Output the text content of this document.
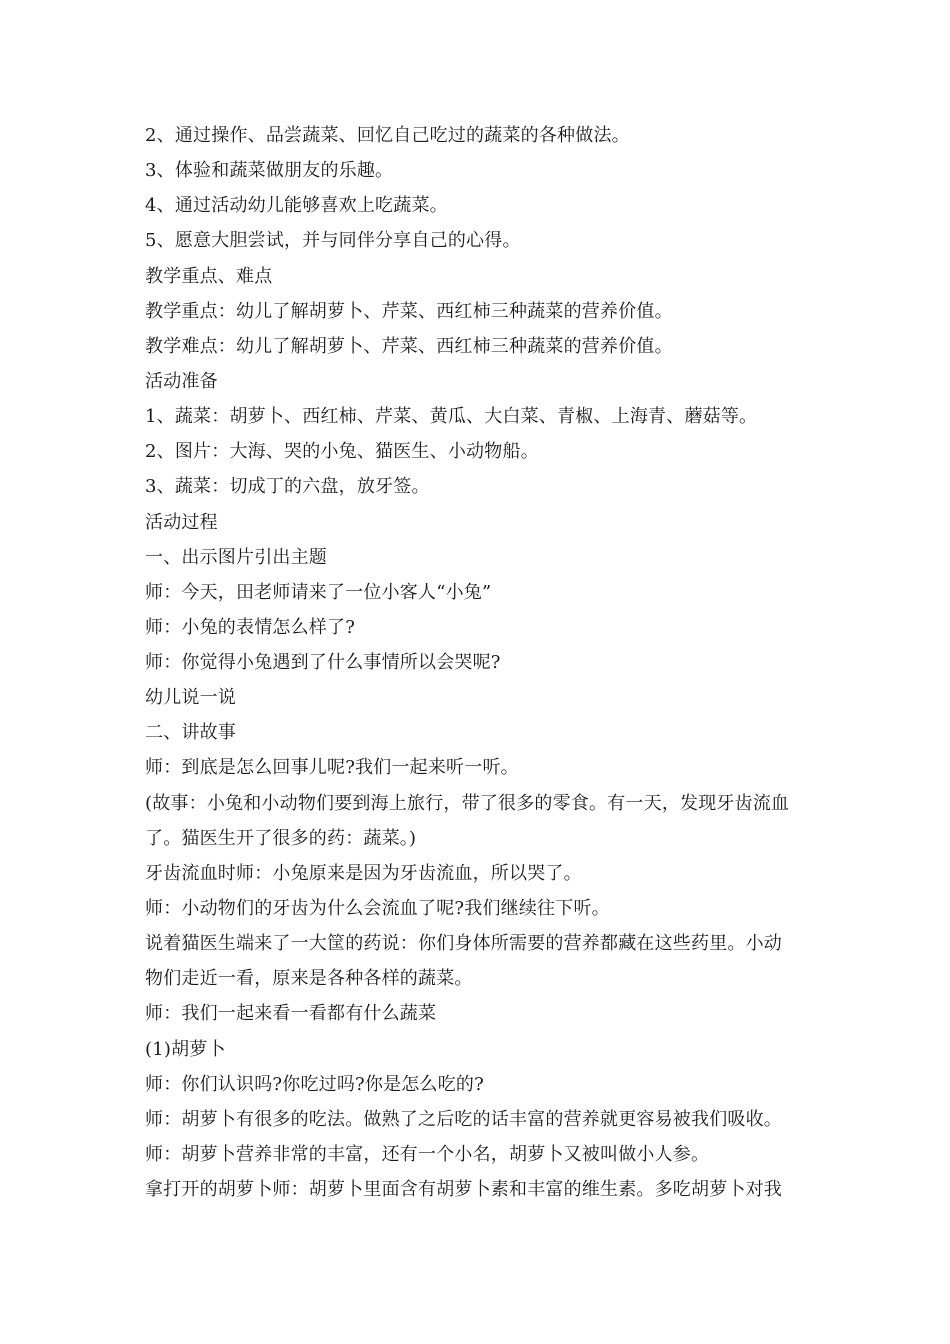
2、通过操作、品尝蔬菜、回忆自己吃过的蔬菜的各种做法。
3、体验和蔬菜做朋友的乐趣。
4、通过活动幼儿能够喜欢上吃蔬菜。
5、愿意大胆尝试，并与同伴分享自己的心得。
教学重点、难点
教学重点：幼儿了解胡萝卜、芹菜、西红柿三种蔬菜的营养价值。
教学难点：幼儿了解胡萝卜、芹菜、西红柿三种蔬菜的营养价值。
活动准备
1、蔬菜：胡萝卜、西红柿、芹菜、黄瓜、大白菜、青椒、上海青、蘑菇等。
2、图片：大海、哭的小兔、猫医生、小动物船。
3、蔬菜：切成丁的六盘，放牙签。
活动过程
一、出示图片引出主题
师：今天，田老师请来了一位小客人“小兔”
师：小兔的表情怎么样了?
师：你觉得小兔遇到了什么事情所以会哭呢?
幼儿说一说
二、讲故事
师：到底是怎么回事儿呢?我们一起来听一听。
(故事：小兔和小动物们要到海上旅行，带了很多的零食。有一天，发现牙齿流血
了。猫医生开了很多的药：蔬菜。)
牙齿流血时师：小兔原来是因为牙齿流血，所以哭了。
师：小动物们的牙齿为什么会流血了呢?我们继续往下听。
说着猫医生端来了一大筐的药说：你们身体所需要的营养都藏在这些药里。小动
物们走近一看，原来是各种各样的蔬菜。
师：我们一起来看一看都有什么蔬菜
(1)胡萝卜
师：你们认识吗?你吃过吗?你是怎么吃的?
师：胡萝卜有很多的吃法。做熟了之后吃的话丰富的营养就更容易被我们吸收。
师：胡萝卜营养非常的丰富，还有一个小名，胡萝卜又被叫做小人参。
拿打开的胡萝卜师：胡萝卜里面含有胡萝卜素和丰富的维生素。多吃胡萝卜对我
